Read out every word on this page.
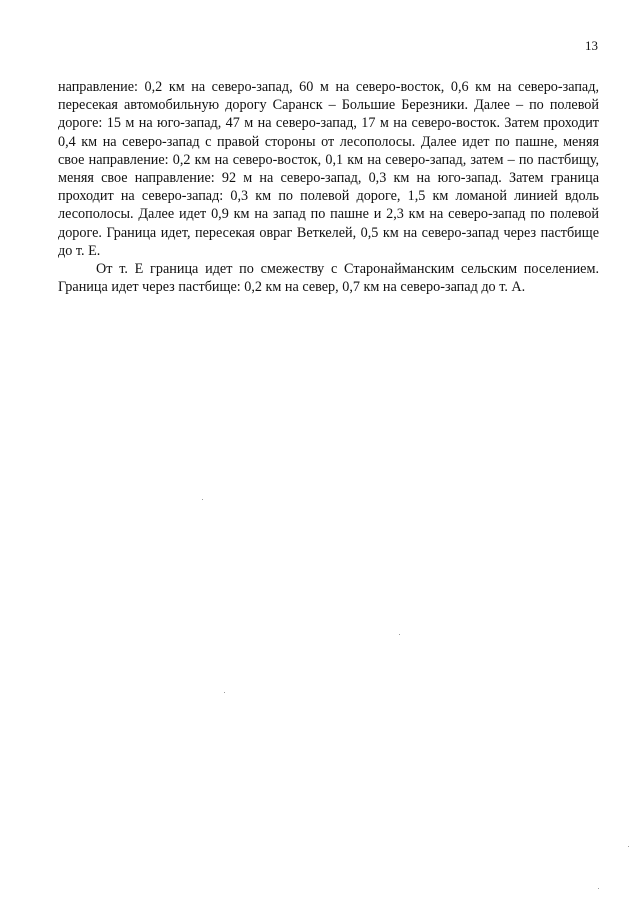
13

направление: 0,2 км на северо-запад, 60 м на северо-восток, 0,6 км на северо-запад, пересекая автомобильную дорогу Саранск – Большие Березники. Далее – по полевой дороге: 15 м на юго-запад, 47 м на северо-запад, 17 м на северо-восток. Затем проходит 0,4 км на северо-запад с правой стороны от лесополосы. Далее идет по пашне, меняя свое направление: 0,2 км на северо-восток, 0,1 км на северо-запад, затем – по пастбищу, меняя свое направление: 92 м на северо-запад, 0,3 км на юго-запад. Затем граница проходит на северо-запад: 0,3 км по полевой дороге, 1,5 км ломаной линией вдоль лесополосы. Далее идет 0,9 км на запад по пашне и 2,3 км на северо-запад по полевой дороге. Граница идет, пересекая овраг Веткелей, 0,5 км на северо-запад через пастбище до т. Е.

От т. Е граница идет по смежеству с Старонайманским сельским поселением. Граница идет через пастбище: 0,2 км на север, 0,7 км на северо-запад до т. А.
